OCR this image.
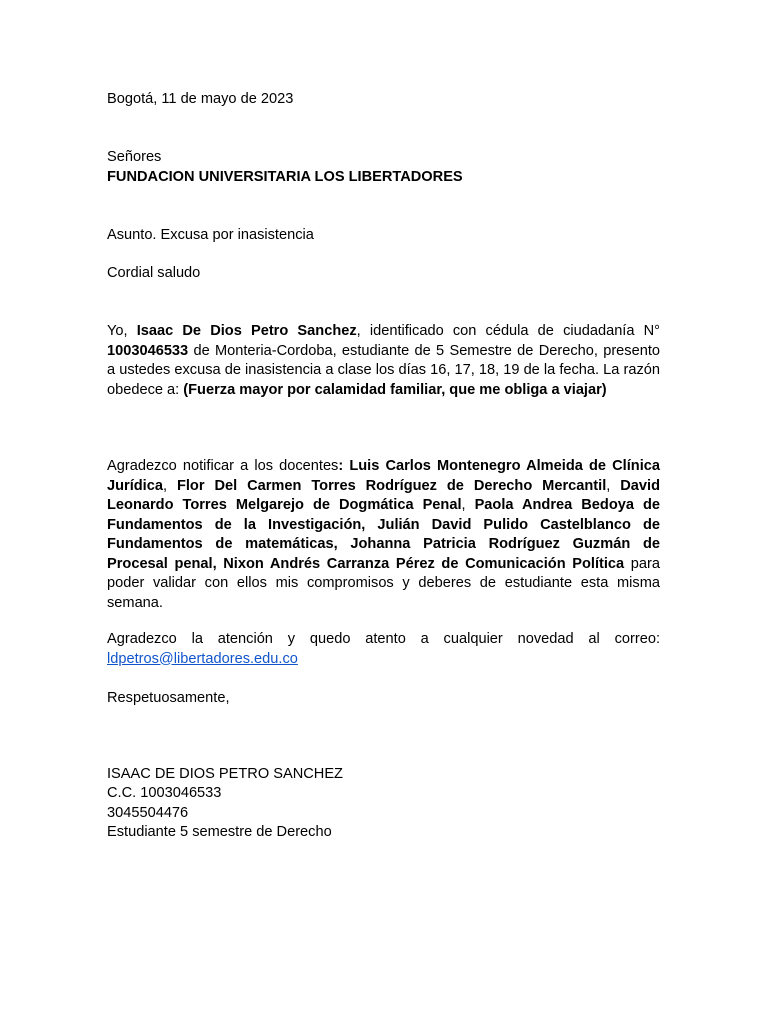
Bogotá, 11 de mayo de 2023
Señores
FUNDACION UNIVERSITARIA LOS LIBERTADORES
Asunto. Excusa por inasistencia
Cordial saludo
Yo, Isaac De Dios Petro Sanchez, identificado con cédula de ciudadanía N° 1003046533 de Monteria-Cordoba, estudiante de 5 Semestre de Derecho, presento a ustedes excusa de inasistencia a clase los días 16, 17, 18, 19 de la fecha. La razón obedece a: (Fuerza mayor por calamidad familiar, que me obliga a viajar)
Agradezco notificar a los docentes: Luis Carlos Montenegro Almeida de Clínica Jurídica, Flor Del Carmen Torres Rodríguez de Derecho Mercantil, David Leonardo Torres Melgarejo de Dogmática Penal, Paola Andrea Bedoya de Fundamentos de la Investigación, Julián David Pulido Castelblanco de Fundamentos de matemáticas, Johanna Patricia Rodríguez Guzmán de Procesal penal, Nixon Andrés Carranza Pérez de Comunicación Política para poder validar con ellos mis compromisos y deberes de estudiante esta misma semana.
Agradezco la atención y quedo atento a cualquier novedad al correo: ldpetros@libertadores.edu.co
Respetuosamente,
ISAAC DE DIOS PETRO SANCHEZ
C.C. 1003046533
3045504476
Estudiante 5 semestre de Derecho
